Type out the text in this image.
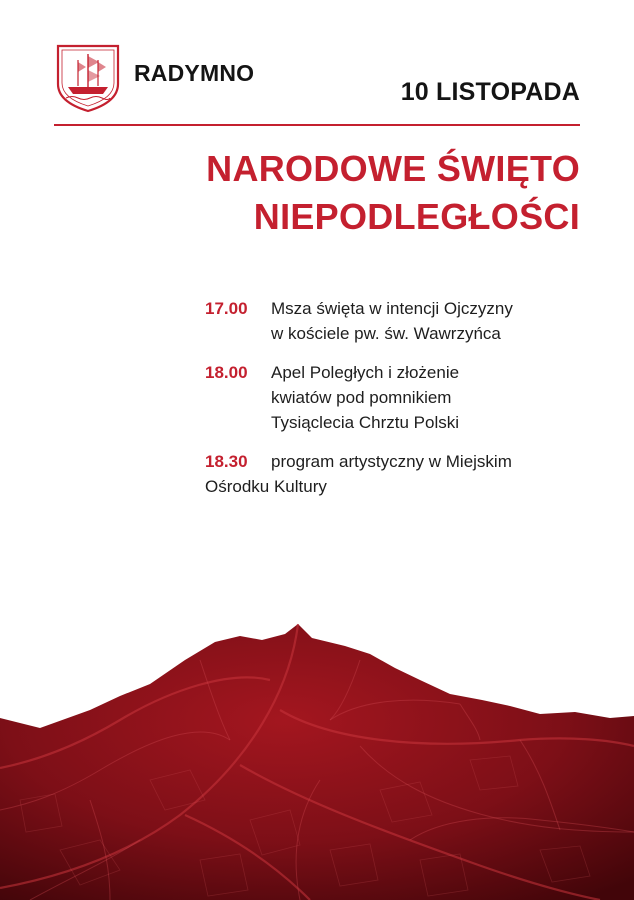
RADYMNO
10 LISTOPADA
NARODOWE ŚWIĘTO
NIEPODLEGŁOŚCI
17.00	Msza święta w intencji Ojczyzny
w kościele pw. św. Wawrzyńca
18.00	Apel Poległych i złożenie
kwiatów pod pomnikiem
Tysiąclecia Chrztu Polski
18.30	program artystyczny w Miejskim
Ośrodku Kultury
